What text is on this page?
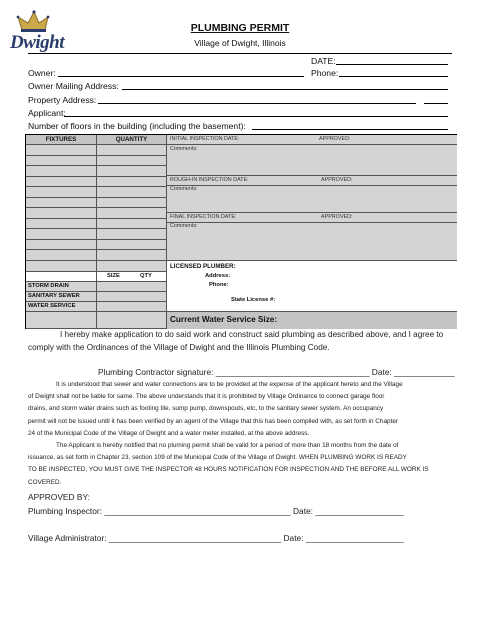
Dwight
PLUMBING PERMIT
Village of Dwight, Illinois
DATE:
Owner:	Phone:
Owner Mailing Address:
Property Address:
Applicant:
Number of floors in the building (including the basement):
FIXTURES	QUANTITY
SIZE	QTY
STORM DRAIN
SANITARY SEWER
WATER SERVICE
INITIAL INSPECTION DATE:	APPROVED:
Comments:
ROUGH-IN INSPECTION DATE:	APPROVED:
Comments:
FINAL INSPECTION DATE:	APPROVED:
Comments:
LICENSED PLUMBER:
Address:
Phone:
State License #:
Current Water Service Size:
I hereby make application to do said work and construct said plumbing as described above, and I agree to
comply with the Ordinances of the Village of Dwight and the Illinois Plumbing Code.
Plumbing Contractor signature: _________________________________ Date: _____________
It is understood that sewer and water connections are to be provided at the expense of the applicant hereto and the Village
of Dwight shall not be liable for same. The above understands that it is prohibited by Village Ordinance to connect garage floor
drains, and storm water drains such as footing tile, sump pump, downspouts, etc, to the sanitary sewer system. An occupancy
permit will not be issued until it has been verified by an agent of the Village that this has been complied with, as set forth in Chapter
24 of the Municipal Code of the Village of Dwight and a water meter installed, at the above address.
The Applicant is hereby notified that no pluming permit shall be valid for a period of more than 18 months from the date of
issuance, as set forth in Chapter 23, section 109 of the Municipal Code of the Village of Dwight. WHEN PLUMBING WORK IS READY
TO BE INSPECTED, YOU MUST GIVE THE INSPECTOR 48 HOURS NOTIFICATION FOR INSPECTION AND THE BEFORE ALL WORK IS
COVERED.
APPROVED BY:
Plumbing Inspector: ________________________________________ Date: ___________________
Village Administrator: _____________________________________ Date: _____________________
